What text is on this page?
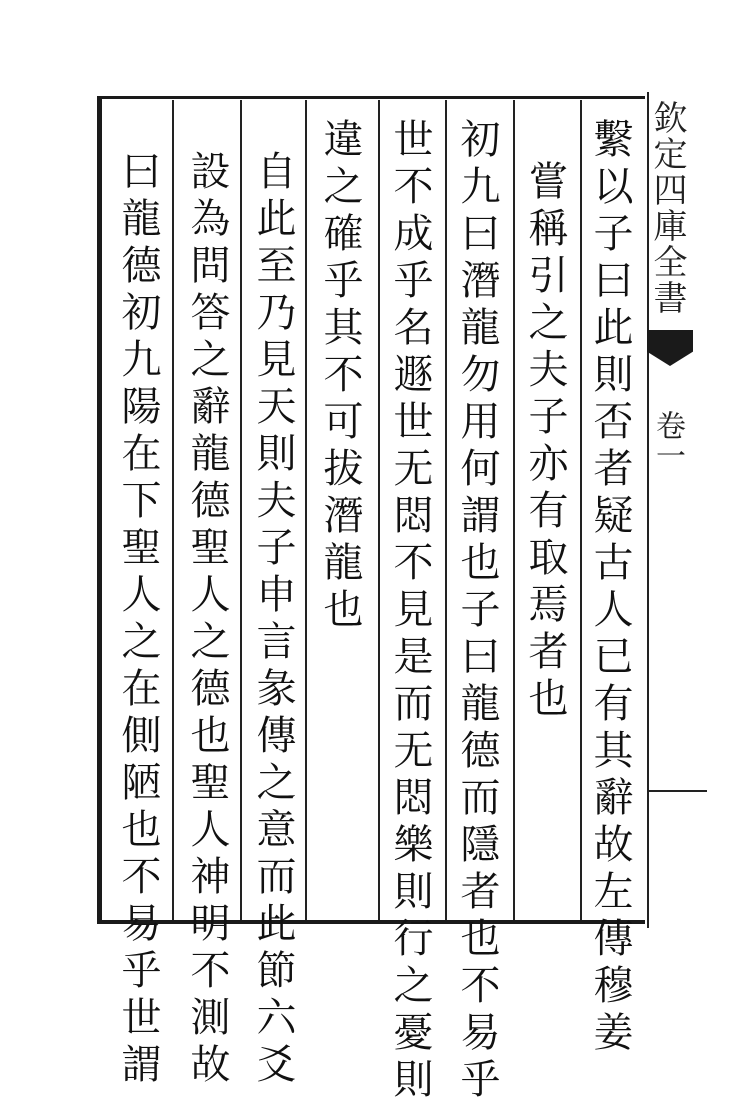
繫以子曰此則否者疑古人已有其辭故左傳穆姜
嘗稱引之夫子亦有取焉者也
初九曰潛龍勿用何謂也子曰龍德而隱者也不易乎
世不成乎名遯世无悶不見是而无悶樂則行之憂則
違之確乎其不可拔潛龍也
自此至乃見天則夫子申言彖傳之意而此節六爻
設為問答之辭龍德聖人之德也聖人神明不測故
曰龍德初九陽在下聖人之在側陋也不易乎世謂	欽定四庫全書
卷一
